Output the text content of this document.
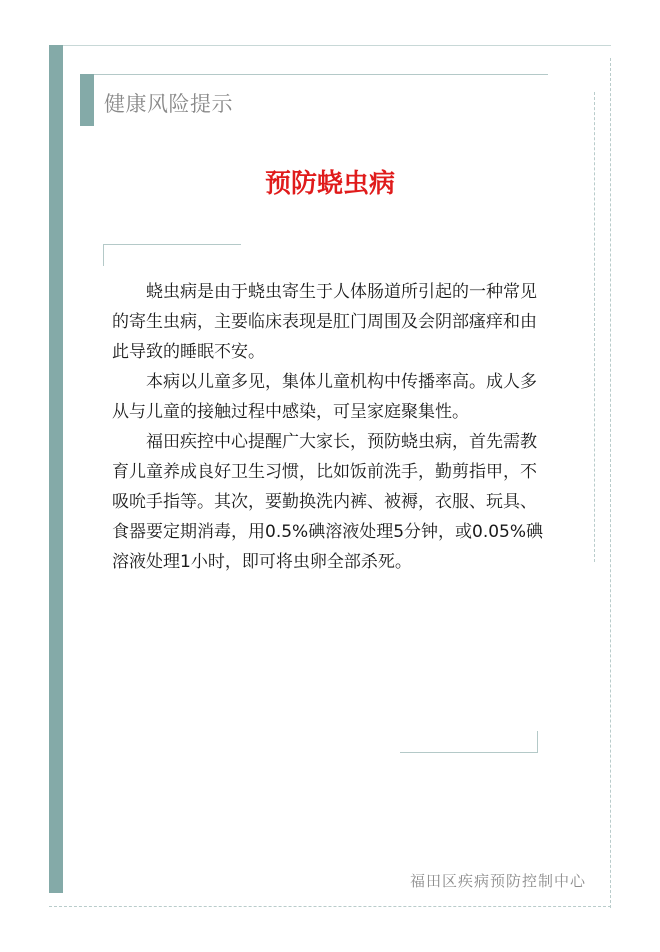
健康风险提示
预防蛲虫病

蛲虫病是由于蛲虫寄生于人体肠道所引起的一种常见的寄生虫病，主要临床表现是肛门周围及会阴部瘙痒和由此导致的睡眠不安。

本病以儿童多见，集体儿童机构中传播率高。成人多从与儿童的接触过程中感染，可呈家庭聚集性。

福田疾控中心提醒广大家长，预防蛲虫病，首先需教育儿童养成良好卫生习惯，比如饭前洗手，勤剪指甲，不吸吮手指等。其次，要勤换洗内裤、被褥，衣服、玩具、食器要定期消毒，用0.5%碘溶液处理5分钟，或0.05%碘溶液处理1小时，即可将虫卵全部杀死。

福田区疾病预防控制中心
